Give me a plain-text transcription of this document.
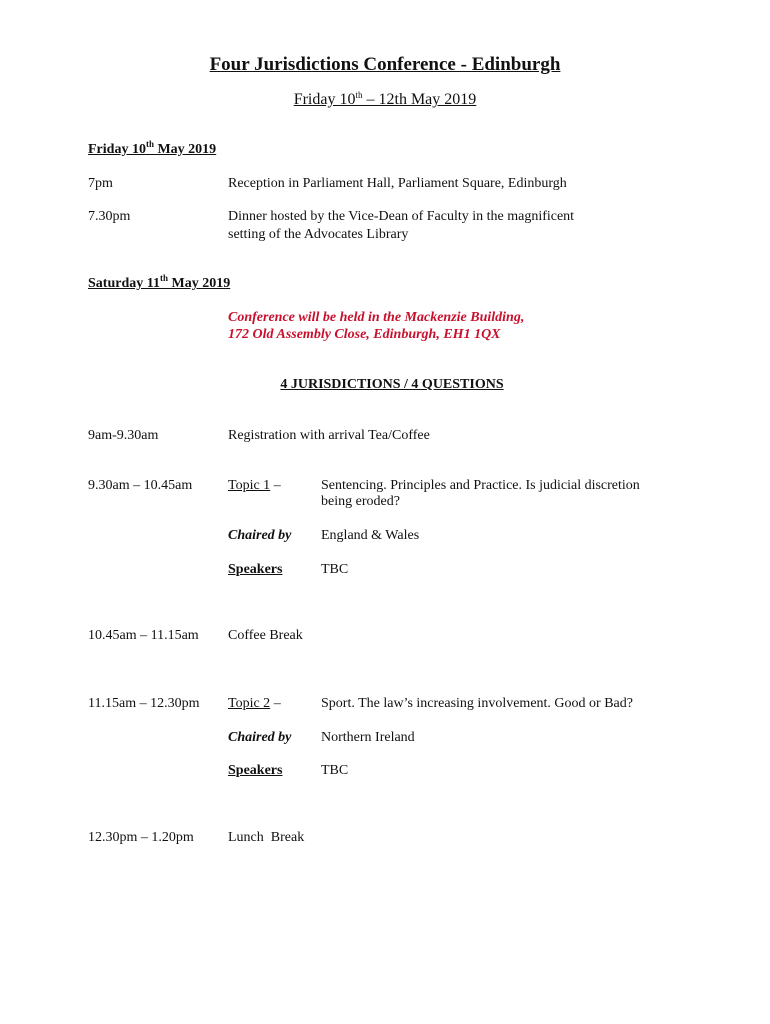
Four Jurisdictions Conference - Edinburgh
Friday 10th – 12th May 2019
Friday 10th May 2019
7pm	Reception in Parliament Hall, Parliament Square, Edinburgh
7.30pm	Dinner hosted by the Vice-Dean of Faculty in the magnificent
setting of the Advocates Library
Saturday 11th May 2019
Conference will be held in the Mackenzie Building,
172 Old Assembly Close, Edinburgh, EH1 1QX
4 JURISDICTIONS / 4 QUESTIONS
9am-9.30am	Registration with arrival Tea/Coffee
9.30am – 10.45am	Topic 1 –	Sentencing. Principles and Practice. Is judicial discretion
being eroded?
Chaired by England & Wales
Speakers	TBC
10.45am – 11.15am Coffee Break
11.15am – 12.30pm Topic 2 –	Sport. The law’s increasing involvement. Good or Bad?
Chaired by Northern Ireland
Speakers	TBC
12.30pm – 1.20pm Lunch  Break
